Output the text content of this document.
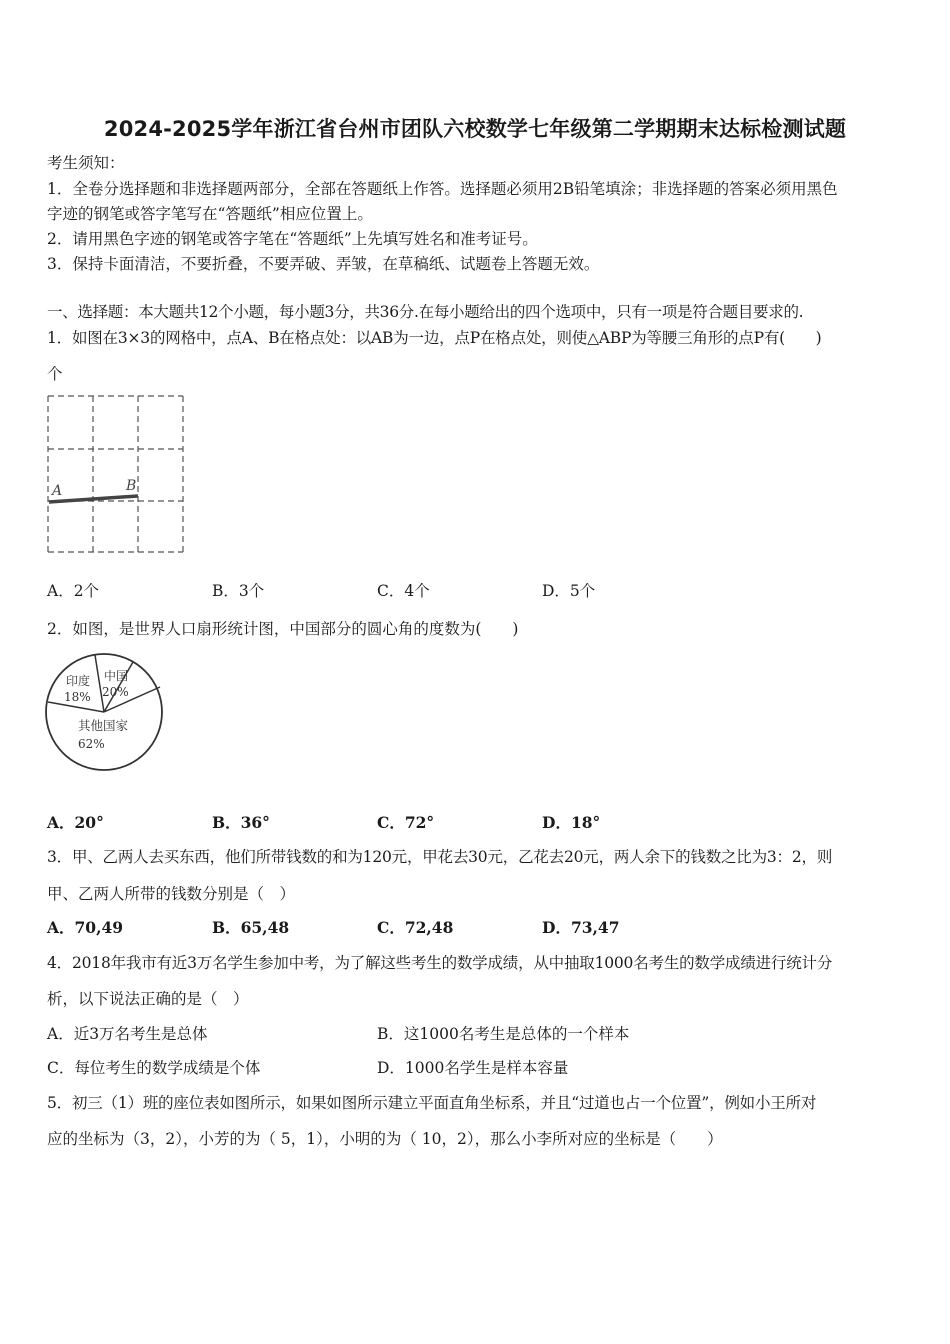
2024-2025学年浙江省台州市团队六校数学七年级第二学期期末达标检测试题
考生须知：
1．全卷分选择题和非选择题两部分，全部在答题纸上作答。选择题必须用2B铅笔填涂；非选择题的答案必须用黑色
字迹的钢笔或答字笔写在“答题纸”相应位置上。
2．请用黑色字迹的钢笔或答字笔在“答题纸”上先填写姓名和准考证号。
3．保持卡面清洁，不要折叠，不要弄破、弄皱，在草稿纸、试题卷上答题无效。
一、选择题：本大题共12个小题，每小题3分，共36分.在每小题给出的四个选项中，只有一项是符合题目要求的.
1．如图在3×3的网格中，点A、B在格点处：以AB为一边，点P在格点处，则使△ABP为等腰三角形的点P有(　　)
个
A	B
A．2个	B．3个	C．4个	D．5个
2．如图，是世界人口扇形统计图，中国部分的圆心角的度数为(　　)
印度
18%
中国
20%
其他国家
62%
A．20°	B．36°	C．72°	D．18°
3．甲、乙两人去买东西，他们所带钱数的和为120元，甲花去30元，乙花去20元，两人余下的钱数之比为3：2，则
甲、乙两人所带的钱数分别是（　）
A．70,49	B．65,48	C．72,48	D．73,47
4．2018年我市有近3万名学生参加中考，为了解这些考生的数学成绩，从中抽取1000名考生的数学成绩进行统计分
析，以下说法正确的是（　）
A．近3万名考生是总体	B．这1000名考生是总体的一个样本
C．每位考生的数学成绩是个体	D．1000名学生是样本容量
5．初三（1）班的座位表如图所示，如果如图所示建立平面直角坐标系，并且“过道也占一个位置”，例如小王所对
应的坐标为（3，2），小芳的为（ 5，1），小明的为（ 10，2），那么小李所对应的坐标是（　　）
